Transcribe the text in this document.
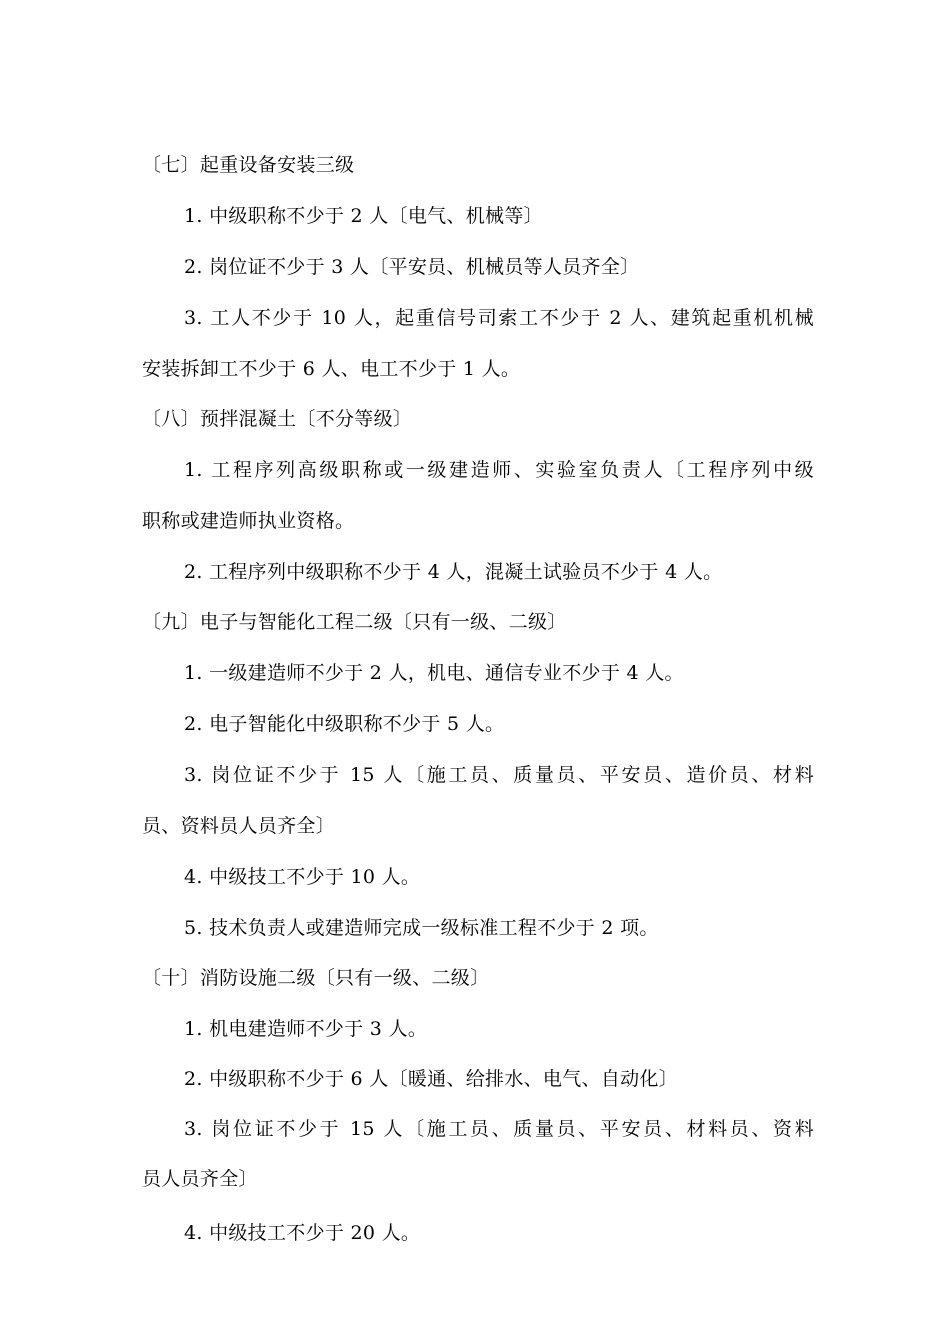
〔七〕起重设备安装三级
1. 中级职称不少于 2 人〔电气、机械等〕
2. 岗位证不少于 3 人〔平安员、机械员等人员齐全〕
3. 工人不少于 10 人，起重信号司索工不少于 2 人、建筑起重机机械
安装拆卸工不少于 6 人、电工不少于 1 人。
〔八〕预拌混凝土〔不分等级〕
1. 工程序列高级职称或一级建造师、实验室负责人〔工程序列中级
职称或建造师执业资格。
2. 工程序列中级职称不少于 4 人，混凝土试验员不少于 4 人。
〔九〕电子与智能化工程二级〔只有一级、二级〕
1. 一级建造师不少于 2 人，机电、通信专业不少于 4 人。
2. 电子智能化中级职称不少于 5 人。
3. 岗位证不少于 15 人〔施工员、质量员、平安员、造价员、材料
员、资料员人员齐全〕
4. 中级技工不少于 10 人。
5. 技术负责人或建造师完成一级标准工程不少于 2 项。
〔十〕消防设施二级〔只有一级、二级〕
1. 机电建造师不少于 3 人。
2. 中级职称不少于 6 人〔暖通、给排水、电气、自动化〕
3. 岗位证不少于 15 人〔施工员、质量员、平安员、材料员、资料
员人员齐全〕
4. 中级技工不少于 20 人。
